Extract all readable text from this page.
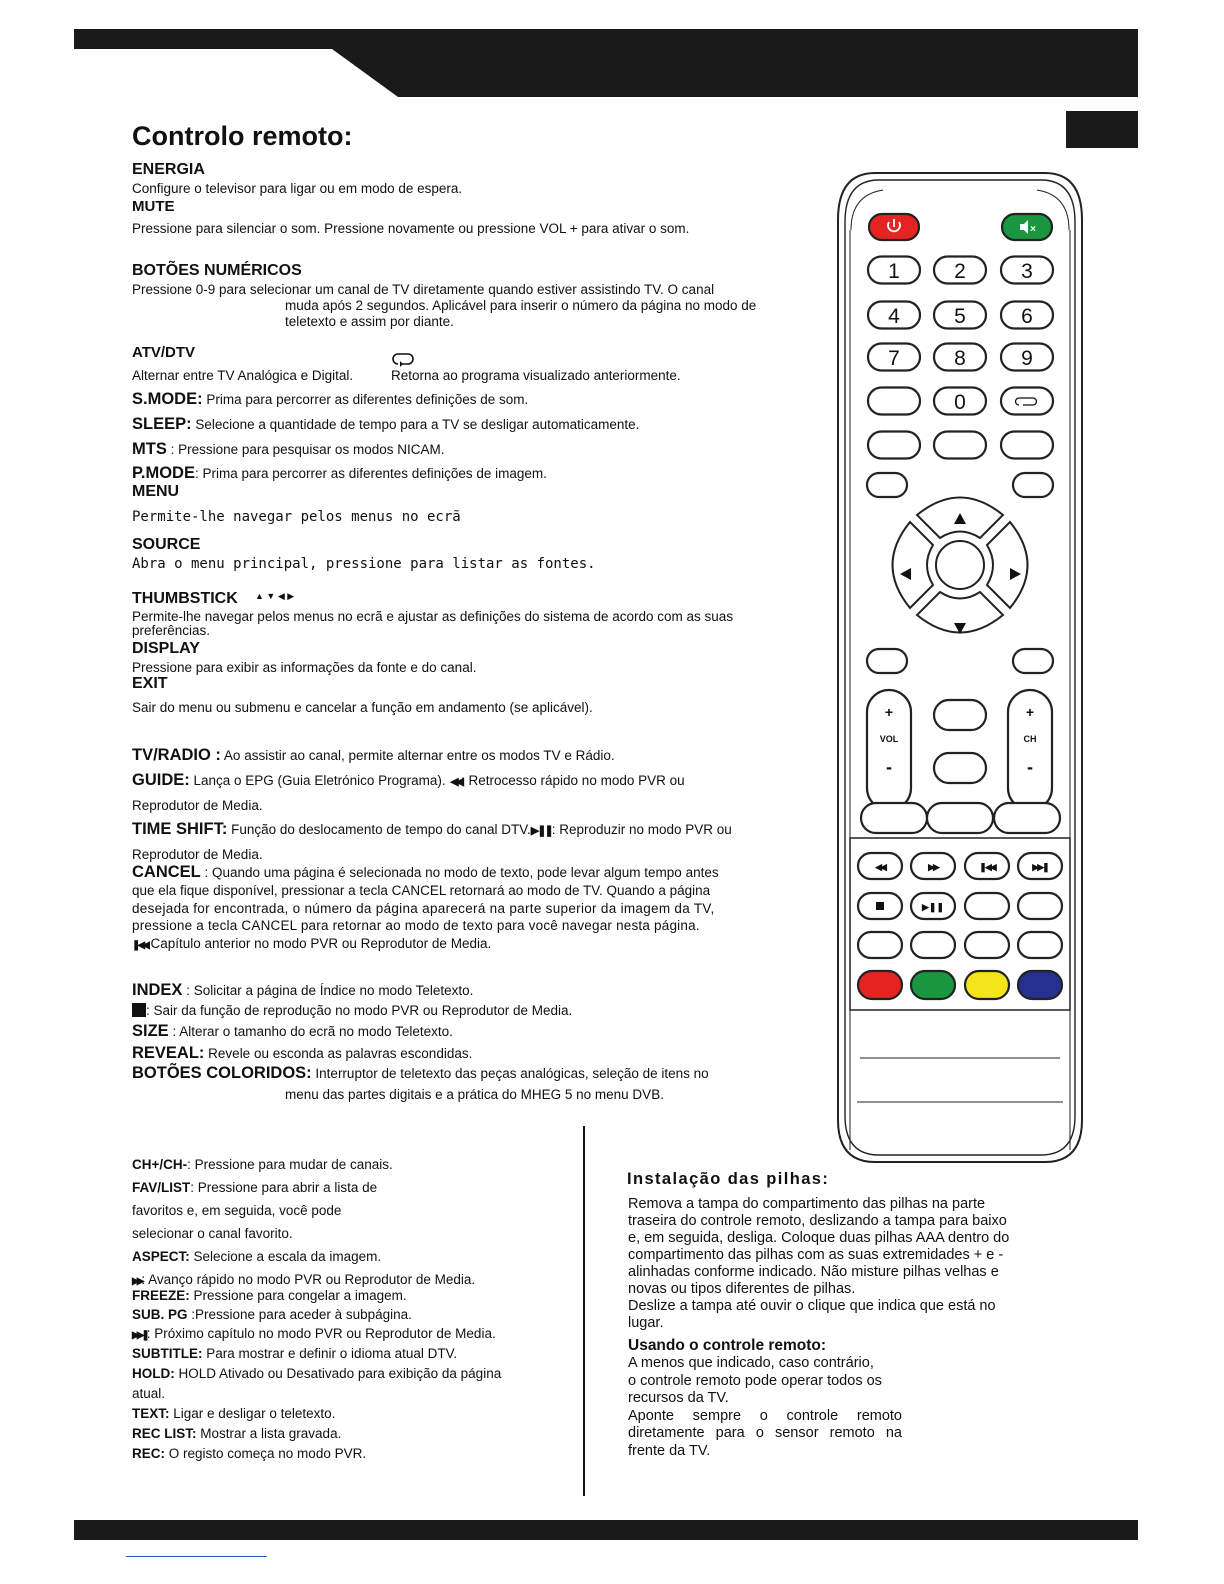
Controlo remoto:
ENERGIA
Configure o televisor para ligar ou em modo de espera.
MUTE
Pressione para silenciar o som. Pressione novamente ou pressione VOL + para ativar o som.
BOTÕES NUMÉRICOS
Pressione 0-9 para selecionar um canal de TV diretamente quando estiver assistindo TV. O canal
muda após 2 segundos. Aplicável para inserir o número da página no modo de
teletexto e assim por diante.
ATV/DTV
Alternar entre TV Analógica e Digital.	Retorna ao programa visualizado anteriormente.
S.MODE: Prima para percorrer as diferentes definições de som.
SLEEP: Selecione a quantidade de tempo para a TV se desligar automaticamente.
MTS : Pressione para pesquisar os modos NICAM.
P.MODE: Prima para percorrer as diferentes definições de imagem.
MENU
Permite-lhe navegar pelos menus no ecrã
SOURCE
Abra o menu principal, pressione para listar as fontes.
THUMBSTICK ▲ ▼ ◀ ▶
Permite-lhe navegar pelos menus no ecrã e ajustar as definições do sistema de acordo com as suas
preferências.
DISPLAY
Pressione para exibir as informações da fonte e do canal.
EXIT
Sair do menu ou submenu e cancelar a função em andamento (se aplicável).
TV/RADIO : Ao assistir ao canal, permite alternar entre os modos TV e Rádio.
GUIDE: Lança o EPG (Guia Eletrónico Programa). ◀◀: Retrocesso rápido no modo PVR ou
Reprodutor de Media.
TIME SHIFT: Função do deslocamento de tempo do canal DTV.▶❚❚: Reproduzir no modo PVR ou
Reprodutor de Media.
CANCEL : Quando uma página é selecionada no modo de texto, pode levar algum tempo antes
que ela fique disponível, pressionar a tecla CANCEL retornará ao modo de TV. Quando a página
desejada for encontrada, o número da página aparecerá na parte superior da imagem da TV,
pressione a tecla CANCEL para retornar ao modo de texto para você navegar nesta página.
❚◀◀ Capítulo anterior no modo PVR ou Reprodutor de Media.
INDEX : Solicitar a página de Índice no modo Teletexto.
: Sair da função de reprodução no modo PVR ou Reprodutor de Media.
SIZE : Alterar o tamanho do ecrã no modo Teletexto.
REVEAL: Revele ou esconda as palavras escondidas.
BOTÕES COLORIDOS: Interruptor de teletexto das peças analógicas, seleção de itens no
menu das partes digitais e a prática do MHEG 5 no menu DVB.
CH+/CH-: Pressione para mudar de canais.
FAV/LIST: Pressione para abrir a lista de
favoritos e, em seguida, você pode
selecionar o canal favorito.
ASPECT: Selecione a escala da imagem.
▶▶: Avanço rápido no modo PVR ou Reprodutor de Media.
FREEZE: Pressione para congelar a imagem.
SUB. PG :Pressione para aceder à subpágina.
▶▶❚: Próximo capítulo no modo PVR ou Reprodutor de Media.
SUBTITLE: Para mostrar e definir o idioma atual DTV.
HOLD: HOLD Ativado ou Desativado para exibição da página
atual.
TEXT: Ligar e desligar o teletexto.
REC LIST: Mostrar a lista gravada.
REC: O registo começa no modo PVR.
Instalação das pilhas:
Remova a tampa do compartimento das pilhas na parte
traseira do controle remoto, deslizando a tampa para baixo
e, em seguida, desliga. Coloque duas pilhas AAA dentro do
compartimento das pilhas com as suas extremidades + e -
alinhadas conforme indicado. Não misture pilhas velhas e
novas ou tipos diferentes de pilhas.
Deslize a tampa até ouvir o clique que indica que está no
lugar.
Usando o controle remoto:
A menos que indicado, caso contrário,
o controle remoto pode operar todos os
recursos da TV.
Aponte sempre o controle remoto
diretamente para o sensor remoto na
frente da TV.
×
1	2	3
4	5	6
7	8	9
0
+
VOL
-
+
CH
-
◀◀	▶▶	❚◀◀	▶▶❚
▶❚❚
